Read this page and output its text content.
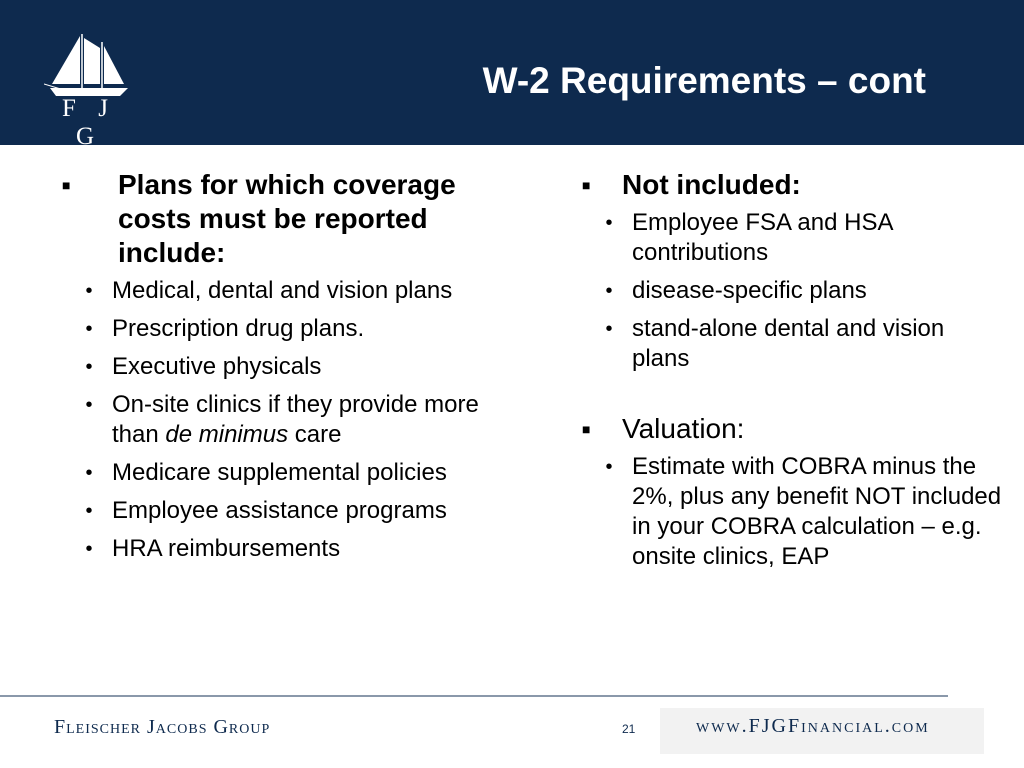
F J G
W-2 Requirements – cont
■	Plans for which coverage costs must be reported include:
• Medical, dental and vision plans
• Prescription drug plans.
• Executive physicals
• On-site clinics if they provide more than de minimus care
• Medicare supplemental policies
• Employee assistance programs
• HRA reimbursements
■	Not included:
• Employee FSA and HSA contributions
• disease-specific plans
• stand-alone dental and vision plans
■	Valuation:
• Estimate with COBRA minus the 2%, plus any benefit NOT included in your COBRA calculation – e.g. onsite clinics, EAP
Fleischer Jacobs Group	21	www.FJGFinancial.com
